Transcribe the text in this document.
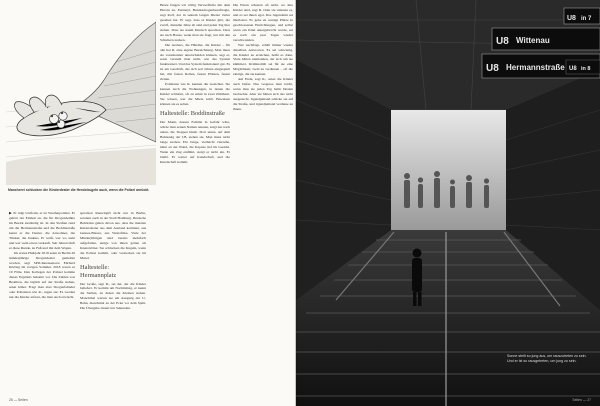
Mancherei schlucken die Kinderdealer die Heroinkugeln auch, wenn die Polizei anrückt.

▶ Er trägt Uniform, er ist Streifenpolizist. Er gehört der Einheit an, die für Drogendelikte im Bezirk zuständig ist. In den Straßen rund um die Hermannstraße und die Boddinstraße kennt er die Dealer, die Anwohner, die Trinker, die Junkies. Er weiß, wer wo steht und wer wem etwas verkauft. Seit Jahren läuft er diese Runde, zu Fuß und mit dem Wagen.

Im ersten Halbjahr 2019 seien in Berlin 26 minderjährige Drogendealer gemeldet worden, sagt SPD-Innensenator Ehrhard Körting im vorigen Sommer. 2018 waren es 19 Fälle. Den Kollegen der Polizei komme dieses Ergebnis bekannt vor. Die Zahlen von Beamten, die täglich auf der Straße stehen, seien höher. Fragt man aber Drogenfahnder oder Polizisten wie R., sagen sie: Es werden nur die Kinder erfasst, die man auch erwischt.

sprechen Rauschgift nicht nur in Berlin, sondern auch in der Stadt Hamburg. Deutsche Behörden gehen davon aus, dass die meisten Kinderdealer aus dem Ausland kommen, aus Guinea-Bissau, aus Westafrika. Viele der Minderjährigen sind bereits mehrfach aufgefallen, einige von ihnen gelten als Intensivtäter. Sie schlucken die Kugeln, wenn die Polizei kommt, oder verstecken sie im Mund.

Haltestelle: Hermannplatz

Der Große, sagt R., sei der, der die Kinder beliefert. Er kommt am Nachmittag, er kennt die Stellen, an denen die Kleinen stehen. Manchmal warten sie am Ausgang der U-Bahn, manchmal an der Ecke vor dem Späti. Die Übergabe dauert nur Sekunden.

Heute fangen wir völlig Verwerfliche mit dem Heroin an, Fentanyl, Bundesdrogenbeauftragte, sagt Rolf, der in seinem langen Dienst vieles gesehen hat. Er sagt, dass es Kinder gibt, die zwölf, dreizehn Jahre alt sind und jeden Tag hier stehen. Dass sie kaum Deutsch sprechen. Dass sie nach Hause, wenn man sie fragt, nur mit den Schultern zucken.

Die Arabers, die Händler, die Kinder – für alle hat R. eine eigene Bezeichnung. Man muss sie voneinander unterscheiden können, sagt er, sonst versteht man nicht, wie das System funktioniert. Und das System funktioniert gut. Es ist ein Geschäft, das sich seit Jahren eingespielt hat, mit festen Rollen, festen Plätzen, festen Zeiten.

Polizisten wie R. kennen die Gesichter. Sie kennen auch die Wohnungen, in denen die Kinder schlafen, oft zu zehnt in zwei Zimmern. Sie wissen, wer die Miete zahlt. Beweisen können sie es selten.

Haltestelle: Boddinstraße

Der Mann, dessen Familie in Gefahr wäre, würde man seinen Namen nennen, zeigt nur nach unten, die Treppen hinab. Dort unten, auf dem Bahnsteig der U8, stehen sie. Man muss nicht lange suchen. Ein Junge, vielleicht vierzehn, lehnt an der Wand, die Kapuze tief im Gesicht. Wenn ein Zug einfährt, steigt er nicht ein. Er bleibt. Er wartet auf Kundschaft, und die Kundschaft kommt.

Die Eltern wüssten oft nicht, wo ihre Kinder sind, sagt R. Oder sie wüssten es, und es sei ihnen egal. Das Jugendamt sei überlastet. Es gebe zu wenige Plätze in geschlossenen Einrichtungen, und selbst wenn ein Kind untergebracht werde, sei es nach ein paar Tagen wieder verschwunden.

Wer nachfragt, erhält immer wieder dieselben Antworten. Es sei schwierig, die Kinder zu erreichen, heißt es dann. Viele hätten niemanden, der sich um sie kümmert. Kriminalität sei für sie eine Möglichkeit, Geld zu verdienen – oft die einzige, die sie kennen.

Am Ende, sagt R., seien die Kinder auch Opfer. Das vergesse man leicht, wenn man sie jeden Tag beim Dealen beobachte. Aber sie hätten sich das nicht ausgesucht. Irgendjemand schicke sie auf die Straße, und irgendjemand verdiene an ihnen.

26 — Seiten
U8 Wittenau
U8 Hermannstraße
U8 in 7
U8 in 8
Sonne stellt so jung aus, um rauszutreten zu sein.
Und er ist so rausgetreten, um jung zu sein.
Seiten — 27
